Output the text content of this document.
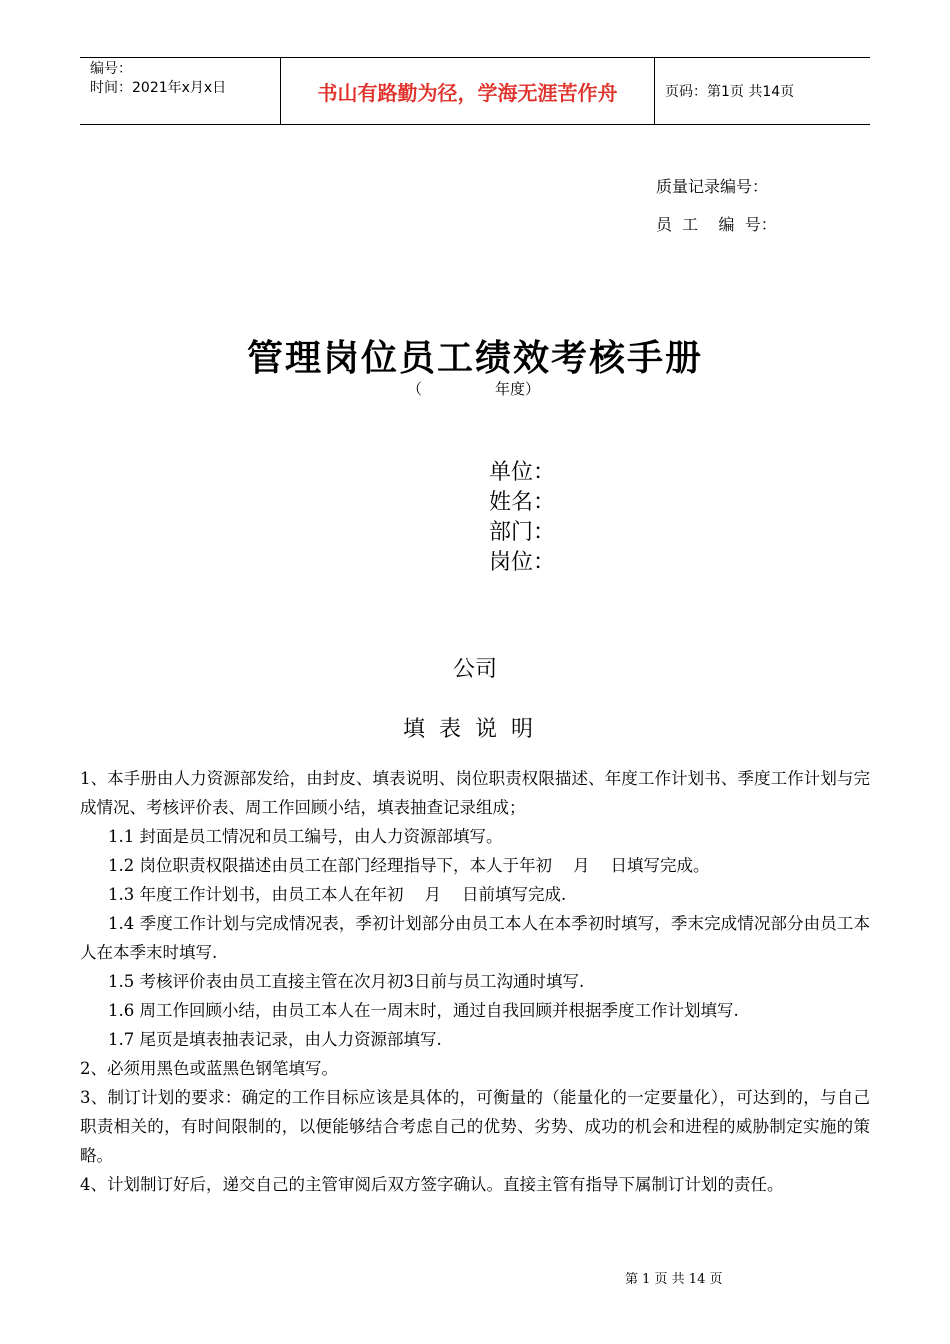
编号：
时间：2021年x月x日	书山有路勤为径，学海无涯苦作舟	页码：第1页 共14页
质量记录编号：
员  工    编  号：
管理岗位员工绩效考核手册
（	年度）
单位：
姓名：
部门：
岗位：
公司
填表说明

1、本手册由人力资源部发给，由封皮、填表说明、岗位职责权限描述、年度工作计划书、季度工作计划与完成情况、考核评价表、周工作回顾小结，填表抽查记录组成；

1.1 封面是员工情况和员工编号，由人力资源部填写。

1.2 岗位职责权限描述由员工在部门经理指导下，本人于年初    月    日填写完成。

1.3 年度工作计划书，由员工本人在年初    月    日前填写完成.

1.4 季度工作计划与完成情况表，季初计划部分由员工本人在本季初时填写，季末完成情况部分由员工本人在本季末时填写.

1.5 考核评价表由员工直接主管在次月初3日前与员工沟通时填写.

1.6 周工作回顾小结，由员工本人在一周末时，通过自我回顾并根据季度工作计划填写.

1.7 尾页是填表抽表记录，由人力资源部填写.

2、必须用黑色或蓝黑色钢笔填写。

3、制订计划的要求：确定的工作目标应该是具体的，可衡量的（能量化的一定要量化），可达到的，与自己职责相关的，有时间限制的，以便能够结合考虑自己的优势、劣势、成功的机会和进程的威胁制定实施的策略。

4、计划制订好后，递交自己的主管审阅后双方签字确认。直接主管有指导下属制订计划的责任。

第 1 页 共 14 页
